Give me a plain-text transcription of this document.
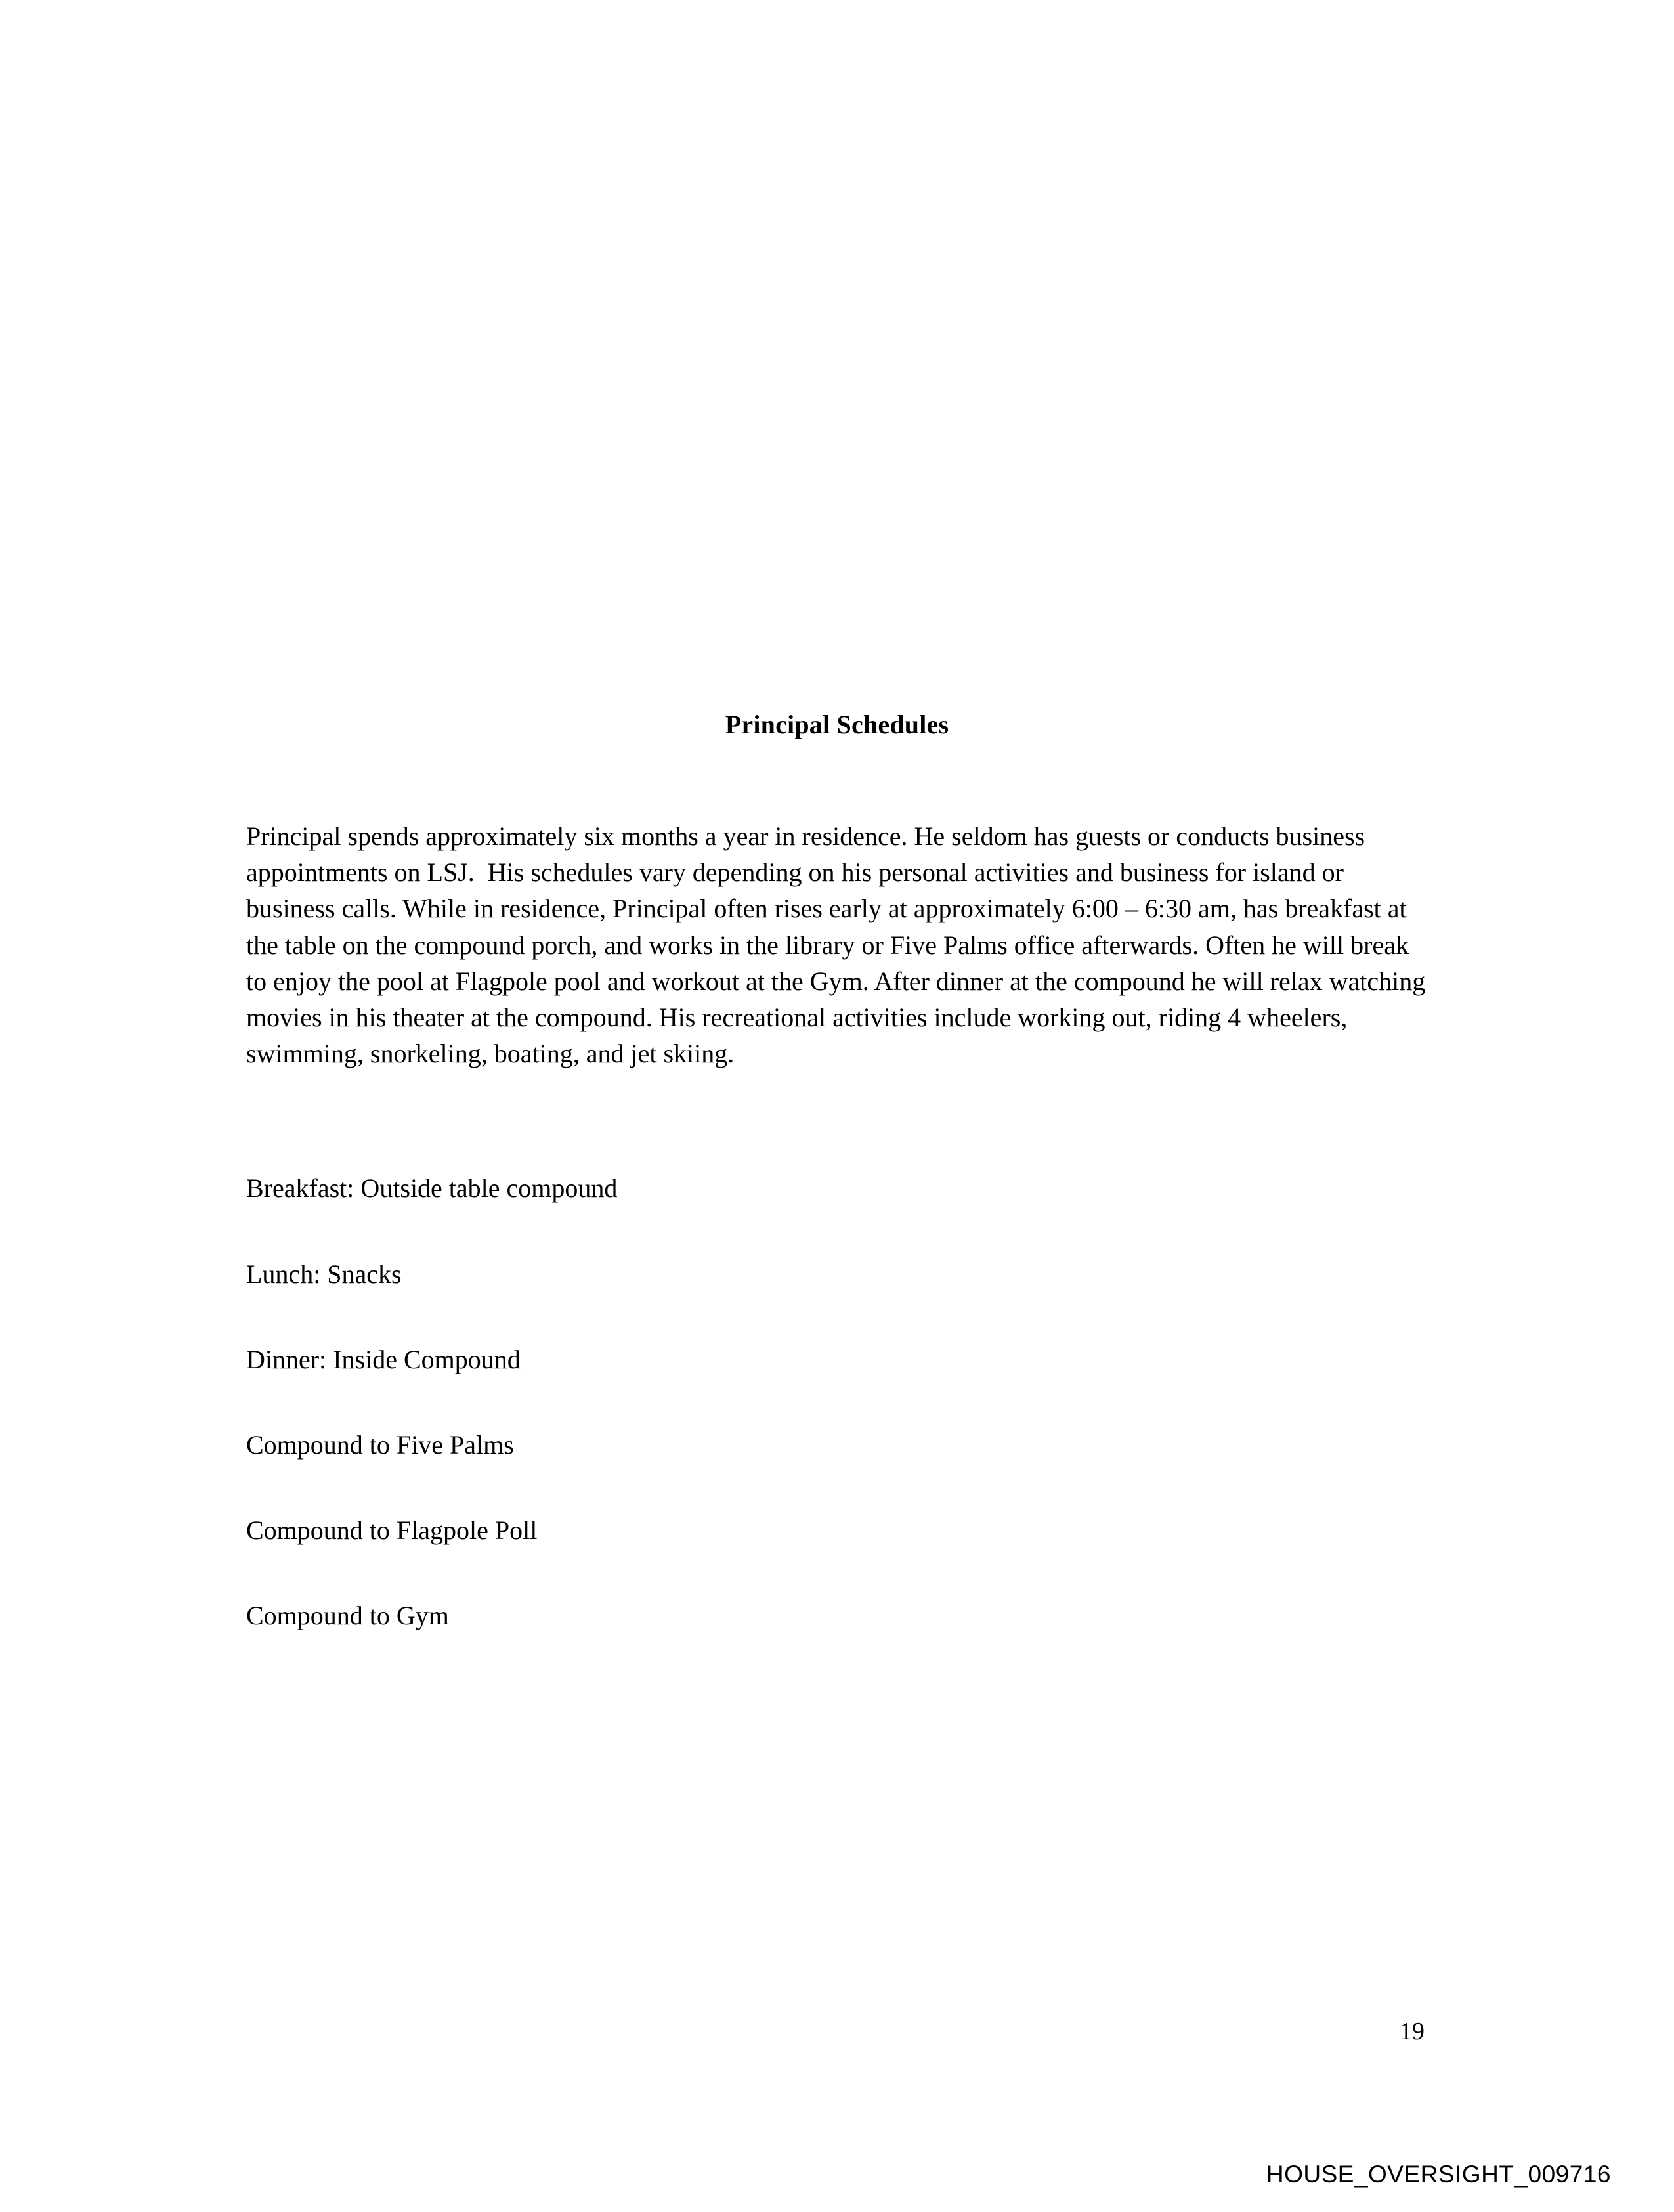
Principal Schedules

Principal spends approximately six months a year in residence. He seldom has guests or conducts business appointments on LSJ.  His schedules vary depending on his personal activities and business for island or business calls. While in residence, Principal often rises early at approximately 6:00 – 6:30 am, has breakfast at the table on the compound porch, and works in the library or Five Palms office afterwards. Often he will break to enjoy the pool at Flagpole pool and workout at the Gym. After dinner at the compound he will relax watching movies in his theater at the compound. His recreational activities include working out, riding 4 wheelers, swimming, snorkeling, boating, and jet skiing.

Breakfast: Outside table compound

Lunch: Snacks

Dinner: Inside Compound

Compound to Five Palms

Compound to Flagpole Poll

Compound to Gym

19
HOUSE_OVERSIGHT_009716
